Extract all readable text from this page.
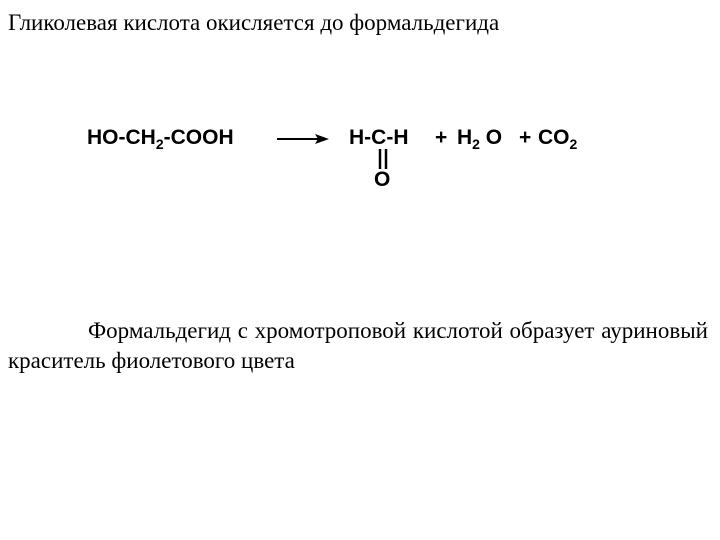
Гликолевая кислота окисляется до формальдегида
$HO-CH_2$-COOH → H-C-H
O
+ $H_2$ $O + CO_2$
Формальдегид с хромотроповой кислотой образует ауриновый краситель фиолетового цвета
